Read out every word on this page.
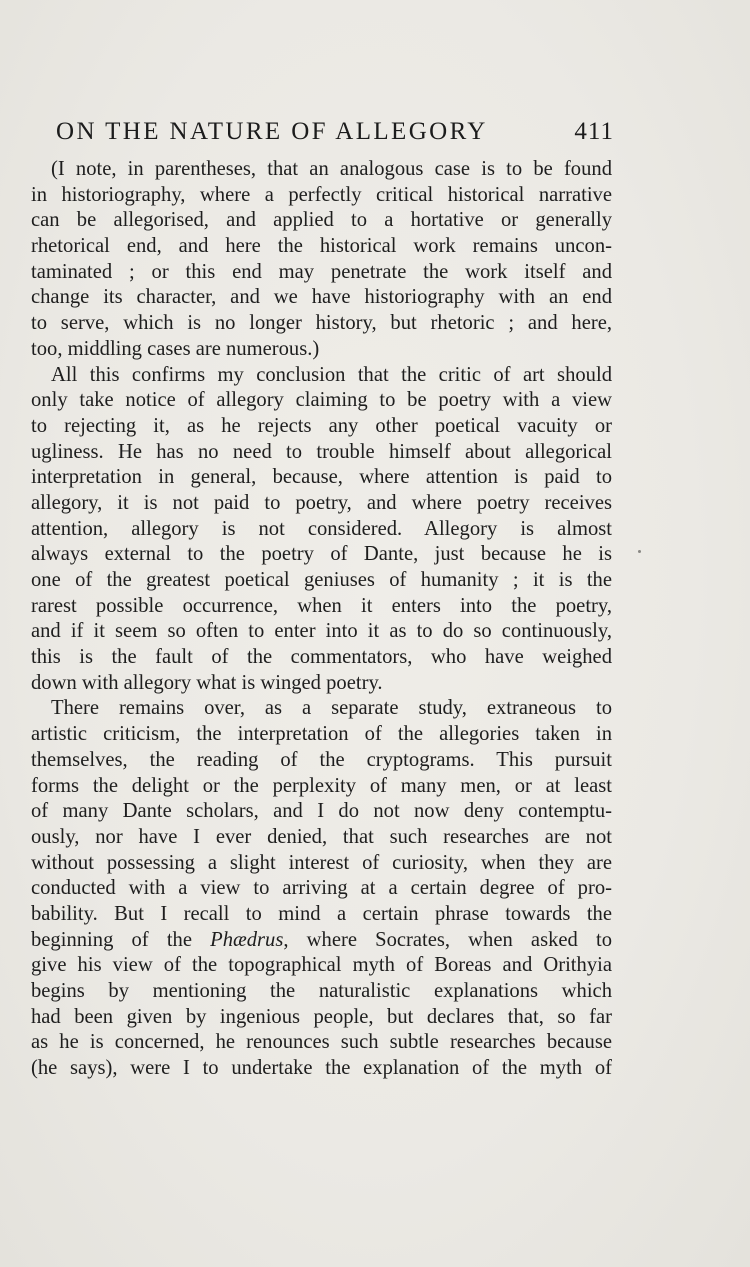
ON THE NATURE OF ALLEGORY	411
(I note, in parentheses, that an analogous case is to be found
in historiography, where a perfectly critical historical narrative
can be allegorised, and applied to a hortative or generally
rhetorical end, and here the historical work remains uncon-
taminated ; or this end may penetrate the work itself and
change its character, and we have historiography with an end
to serve, which is no longer history, but rhetoric ; and here,
too, middling cases are numerous.)
All this confirms my conclusion that the critic of art should
only take notice of allegory claiming to be poetry with a view
to rejecting it, as he rejects any other poetical vacuity or
ugliness. He has no need to trouble himself about allegorical
interpretation in general, because, where attention is paid to
allegory, it is not paid to poetry, and where poetry receives
attention, allegory is not considered. Allegory is almost
always external to the poetry of Dante, just because he is
one of the greatest poetical geniuses of humanity ; it is the
rarest possible occurrence, when it enters into the poetry,
and if it seem so often to enter into it as to do so continuously,
this is the fault of the commentators, who have weighed
down with allegory what is winged poetry.
There remains over, as a separate study, extraneous to
artistic criticism, the interpretation of the allegories taken in
themselves, the reading of the cryptograms. This pursuit
forms the delight or the perplexity of many men, or at least
of many Dante scholars, and I do not now deny contemptu-
ously, nor have I ever denied, that such researches are not
without possessing a slight interest of curiosity, when they are
conducted with a view to arriving at a certain degree of pro-
bability. But I recall to mind a certain phrase towards the
beginning of the Phædrus, where Socrates, when asked to
give his view of the topographical myth of Boreas and Orithyia
begins by mentioning the naturalistic explanations which
had been given by ingenious people, but declares that, so far
as he is concerned, he renounces such subtle researches because
(he says), were I to undertake the explanation of the myth of
